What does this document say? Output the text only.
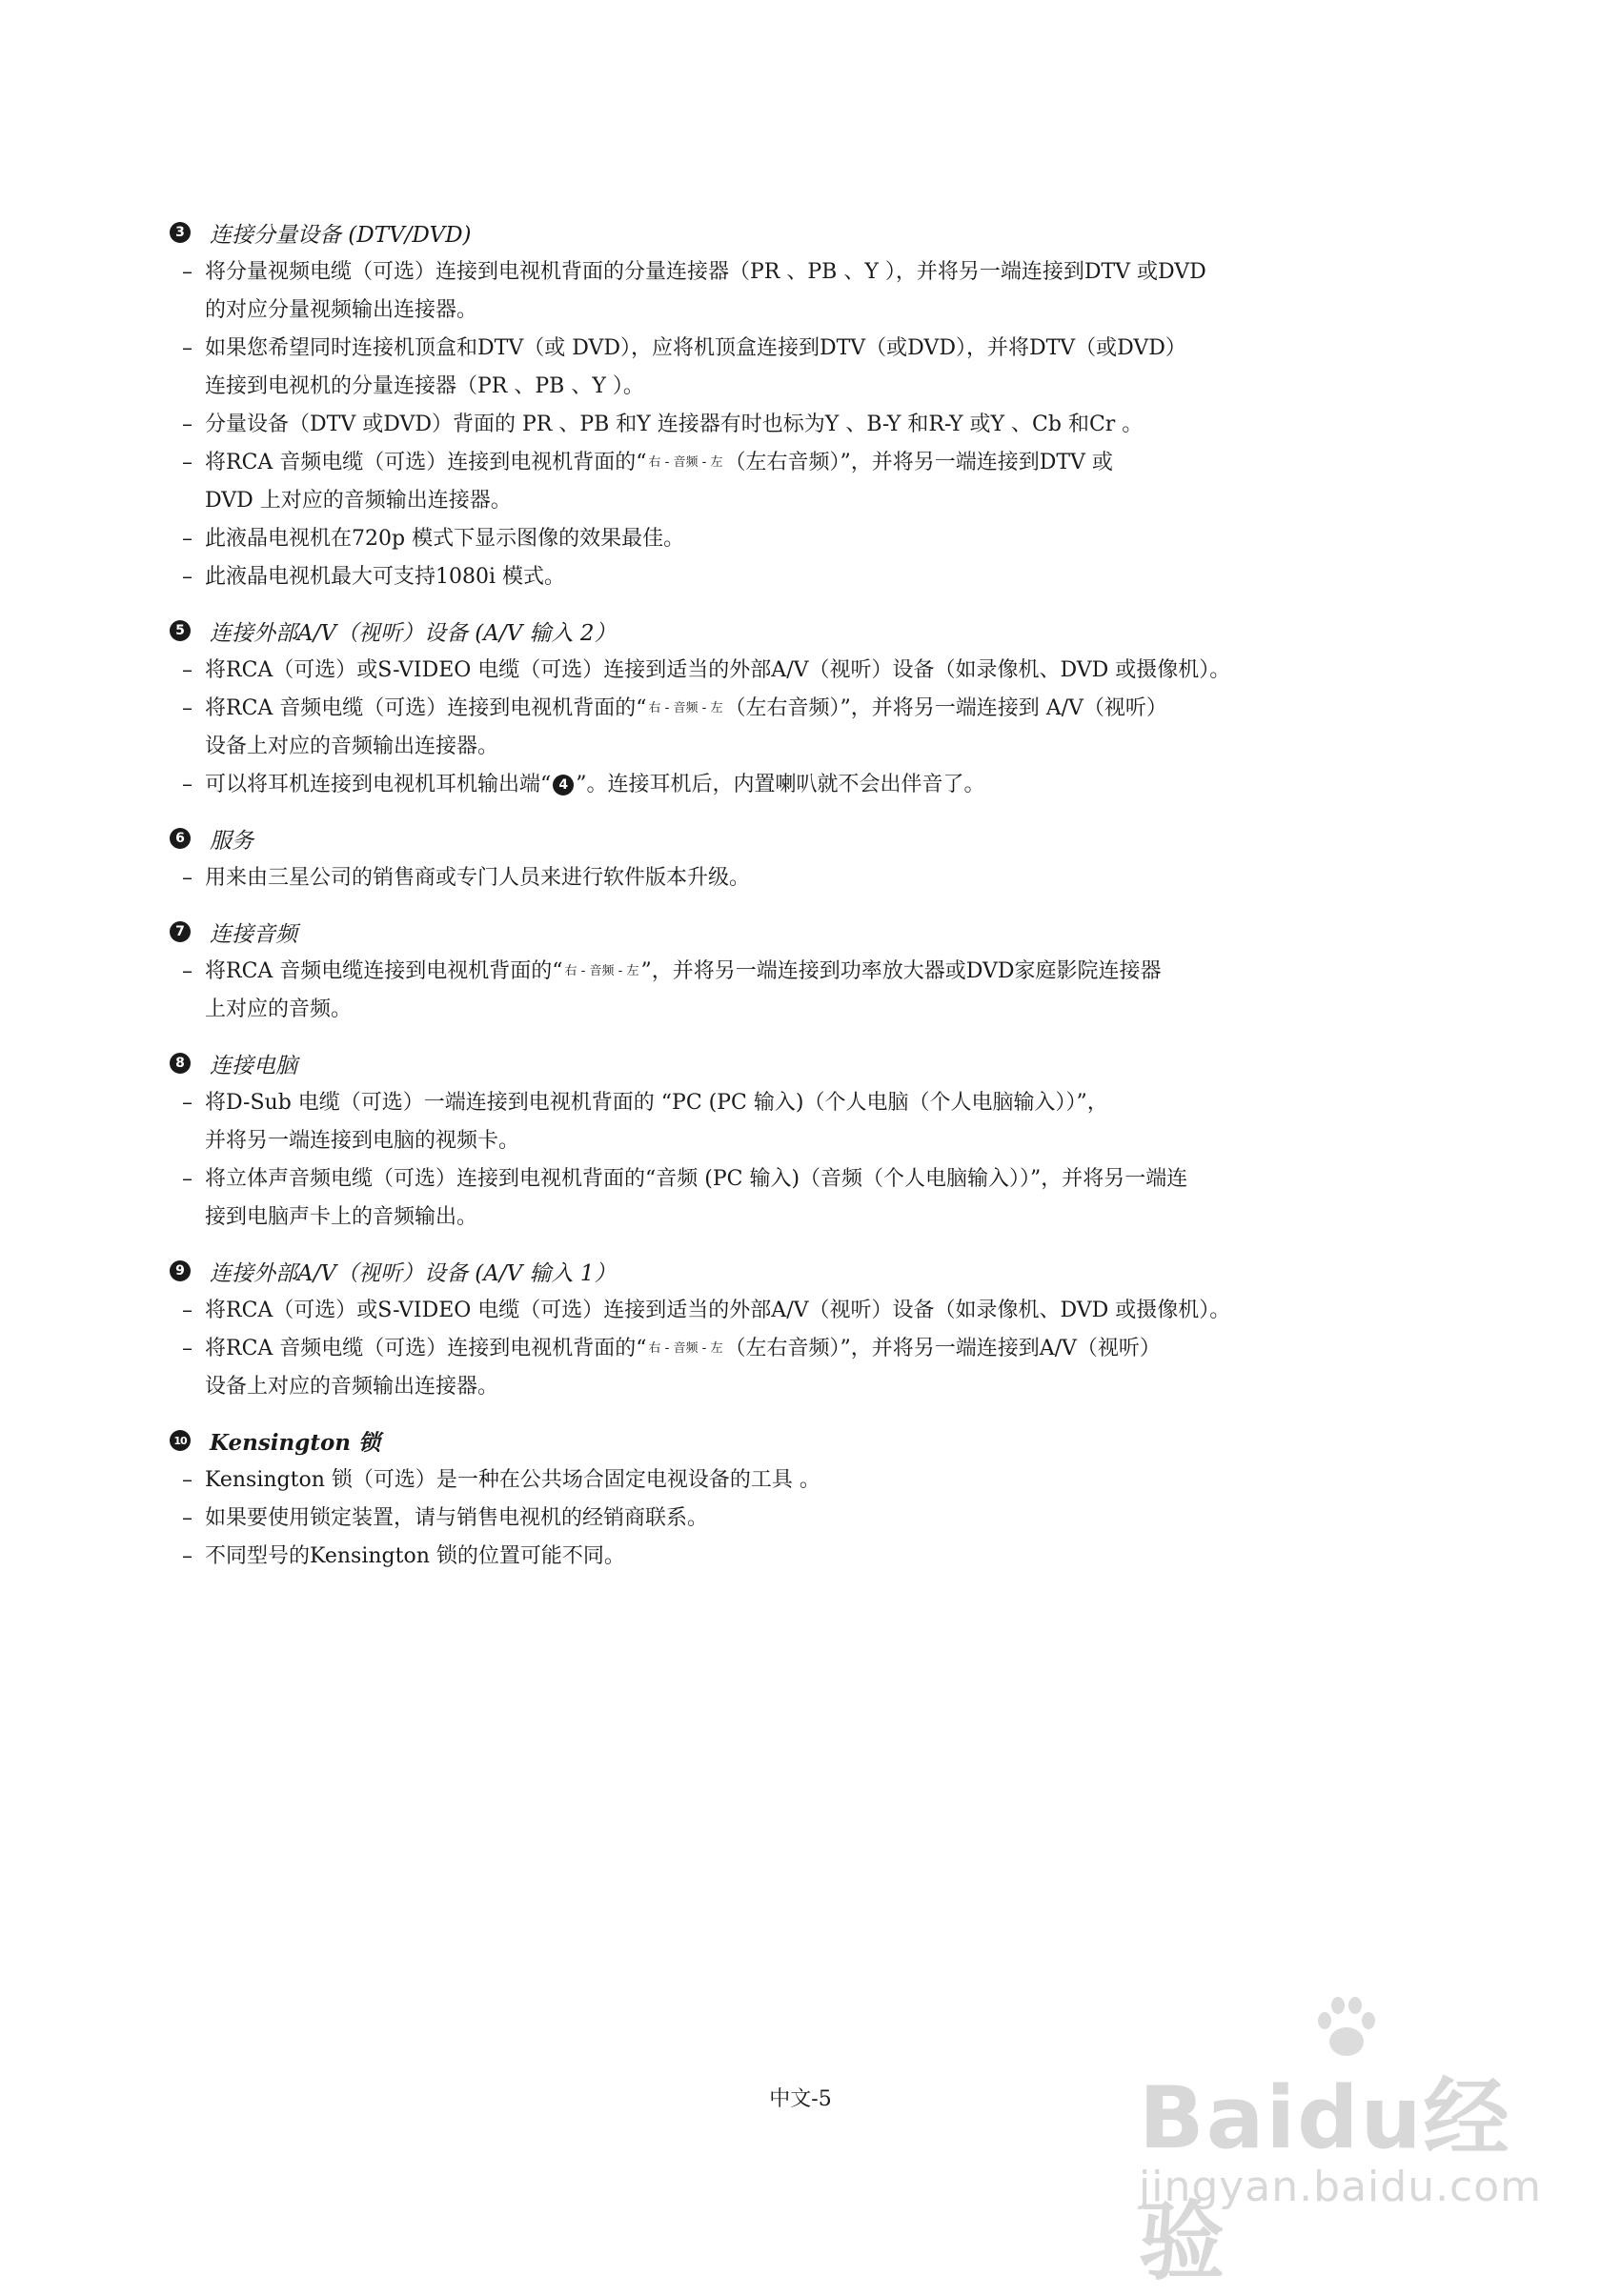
3 连接分量设备 (DTV/DVD)
– 将分量视频电缆（可选）连接到电视机背面的分量连接器（PR 、PB 、Y ），并将另一端连接到DTV 或DVD
的对应分量视频输出连接器。
– 如果您希望同时连接机顶盒和DTV（或 DVD），应将机顶盒连接到DTV（或DVD），并将DTV（或DVD）
连接到电视机的分量连接器（PR 、PB 、Y ）。
– 分量设备（DTV 或DVD）背面的 PR 、PB 和Y 连接器有时也标为Y 、B-Y 和R-Y 或Y 、Cb 和Cr 。
– 将RCA 音频电缆（可选）连接到电视机背面的“ 右 - 音频 - 左（左右音频）”，并将另一端连接到DTV 或
DVD 上对应的音频输出连接器。
– 此液晶电视机在720p 模式下显示图像的效果最佳。
– 此液晶电视机最大可支持1080i 模式。
5 连接外部A/V（视听）设备 (A/V 输入 2）
– 将RCA（可选）或S-VIDEO 电缆（可选）连接到适当的外部A/V（视听）设备（如录像机、DVD 或摄像机）。
– 将RCA 音频电缆（可选）连接到电视机背面的“ 右 - 音频 - 左（左右音频）”，并将另一端连接到 A/V（视听）
设备上对应的音频输出连接器。
– 可以将耳机连接到电视机耳机输出端“ 4 ”。连接耳机后，内置喇叭就不会出伴音了。
6 服务
– 用来由三星公司的销售商或专门人员来进行软件版本升级。
7 连接音频
– 将RCA 音频电缆连接到电视机背面的“ 右 - 音频 - 左”，并将另一端连接到功率放大器或DVD家庭影院连接器
上对应的音频。
8 连接电脑
– 将D-Sub 电缆（可选）一端连接到电视机背面的 “PC (PC 输入)（个人电脑（个人电脑输入））”，
并将另一端连接到电脑的视频卡。
– 将立体声音频电缆（可选）连接到电视机背面的“音频 (PC 输入)（音频（个人电脑输入））”，并将另一端连
接到电脑声卡上的音频输出。
9 连接外部A/V（视听）设备 (A/V 输入 1）
– 将RCA（可选）或S-VIDEO 电缆（可选）连接到适当的外部A/V（视听）设备（如录像机、DVD 或摄像机）。
– 将RCA 音频电缆（可选）连接到电视机背面的“ 右 - 音频 - 左（左右音频）”，并将另一端连接到A/V（视听）
设备上对应的音频输出连接器。
10 Kensington 锁
– Kensington 锁（可选）是一种在公共场合固定电视设备的工具 。
– 如果要使用锁定装置，请与销售电视机的经销商联系。
– 不同型号的Kensington 锁的位置可能不同。
中文-5	Baidu经验
jingyan.baidu.com
